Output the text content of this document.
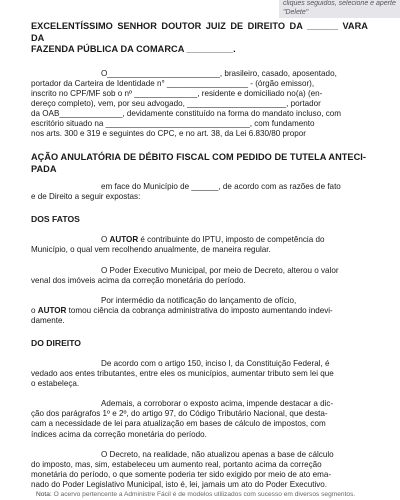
cliques seguidos, selecione e aperte "Delete"
EXCELENTÍSSIMO SENHOR DOUTOR JUIZ DE DIREITO DA ______ VARA DA
FAZENDA PÚBLICA DA COMARCA _________.

O_________________________, brasileiro, casado, aposentado,

portador da Carteira de Identidade n° __________________ - (órgão emissor),

inscrito no CPF/MF sob o nº ______________, residente e domiciliado no(a) (en-

dereço completo), vem, por seu advogado, ______________________, portador

da OAB______________, devidamente constituído na forma do mandato incluso, com

escritório situado na ________________________________, com fundamento

nos arts. 300 e 319 e seguintes do CPC, e no art. 38, da Lei 6.830/80 propor

AÇÃO ANULATÓRIA DE DÉBITO FISCAL COM PEDIDO DE TUTELA ANTECI-
PADA

em face do Município de ______, de acordo com as razões de fato

e de Direito a seguir expostas:

DOS FATOS

O AUTOR é contribuinte do IPTU, imposto de competência do

Município, o qual vem recolhendo anualmente, de maneira regular.

O Poder Executivo Municipal, por meio de Decreto, alterou o valor

venal dos imóveis acima da correção monetária do período.

Por intermédio da notificação do lançamento de ofício,

o AUTOR tomou ciência da cobrança administrativa do imposto aumentando indevi-

damente.

DO DIREITO

De acordo com o artigo 150, inciso I, da Constituição Federal, é

vedado aos entes tributantes, entre eles os municípios, aumentar tributo sem lei que

o estabeleça.

Ademais, a corroborar o exposto acima, impende destacar a dic-

ção dos parágrafos 1º e 2º, do artigo 97, do Código Tributário Nacional, que desta-

cam a necessidade de lei para atualização em bases de cálculo de impostos, com

índices acima da correção monetária do período.

O Decreto, na realidade, não atualizou apenas a base de cálculo

do imposto, mas, sim, estabeleceu um aumento real, portanto acima da correção

monetária do período, o que somente poderia ter sido exigido por meio de ato ema-

nado do Poder Legislativo Municipal, isto é, lei, jamais um ato do Poder Executivo.

Nota: O acervo pertencente a Administre Fácil é de modelos utilizados com sucesso em diversos segmentos.
